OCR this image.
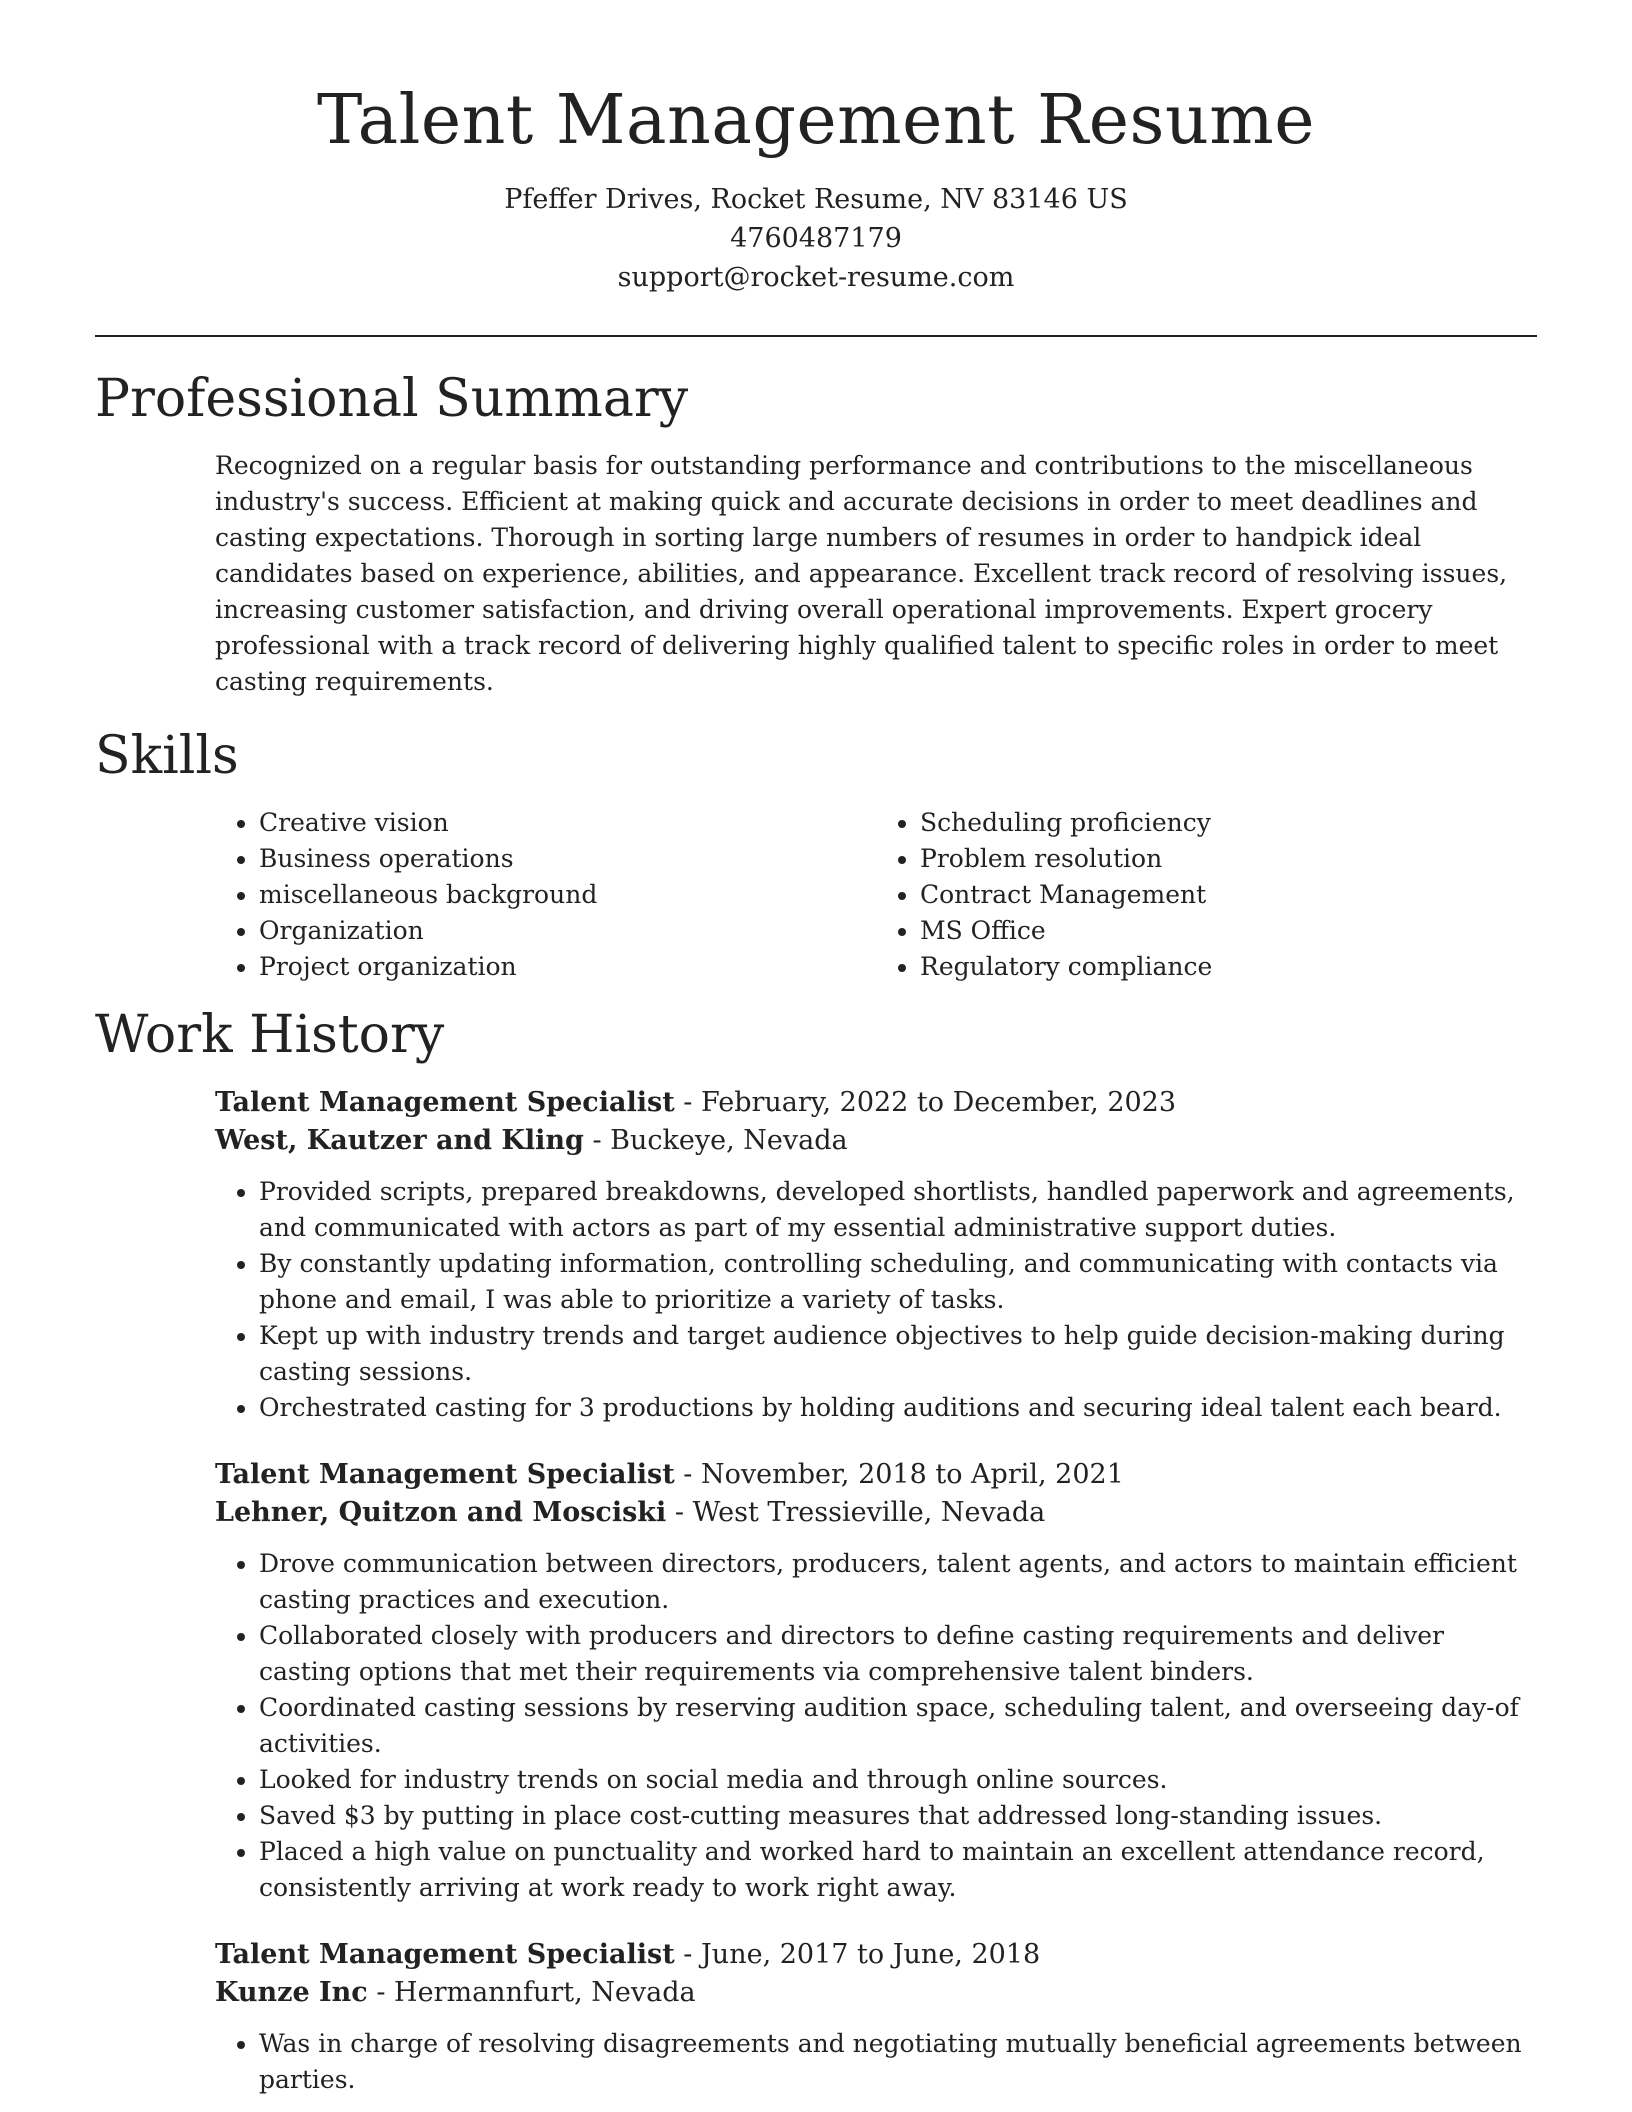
Talent Management Resume
Pfeffer Drives, Rocket Resume, NV 83146 US
4760487179
support@rocket-resume.com
Professional Summary
Recognized on a regular basis for outstanding performance and contributions to the miscellaneous industry's success. Efficient at making quick and accurate decisions in order to meet deadlines and casting expectations. Thorough in sorting large numbers of resumes in order to handpick ideal candidates based on experience, abilities, and appearance. Excellent track record of resolving issues, increasing customer satisfaction, and driving overall operational improvements. Expert grocery professional with a track record of delivering highly qualified talent to specific roles in order to meet casting requirements.
Skills
• Creative vision
• Business operations
• miscellaneous background
• Organization
• Project organization
• Scheduling proficiency
• Problem resolution
• Contract Management
• MS Office
• Regulatory compliance
Work History
Talent Management Specialist - February, 2022 to December, 2023
West, Kautzer and Kling - Buckeye, Nevada
• Provided scripts, prepared breakdowns, developed shortlists, handled paperwork and agreements, and communicated with actors as part of my essential administrative support duties.
• By constantly updating information, controlling scheduling, and communicating with contacts via phone and email, I was able to prioritize a variety of tasks.
• Kept up with industry trends and target audience objectives to help guide decision-making during casting sessions.
• Orchestrated casting for 3 productions by holding auditions and securing ideal talent each beard.
Talent Management Specialist - November, 2018 to April, 2021
Lehner, Quitzon and Mosciski - West Tressieville, Nevada
• Drove communication between directors, producers, talent agents, and actors to maintain efficient casting practices and execution.
• Collaborated closely with producers and directors to define casting requirements and deliver casting options that met their requirements via comprehensive talent binders.
• Coordinated casting sessions by reserving audition space, scheduling talent, and overseeing day-of activities.
• Looked for industry trends on social media and through online sources.
• Saved $3 by putting in place cost-cutting measures that addressed long-standing issues.
• Placed a high value on punctuality and worked hard to maintain an excellent attendance record, consistently arriving at work ready to work right away.
Talent Management Specialist - June, 2017 to June, 2018
Kunze Inc - Hermannfurt, Nevada
• Was in charge of resolving disagreements and negotiating mutually beneficial agreements between parties.
